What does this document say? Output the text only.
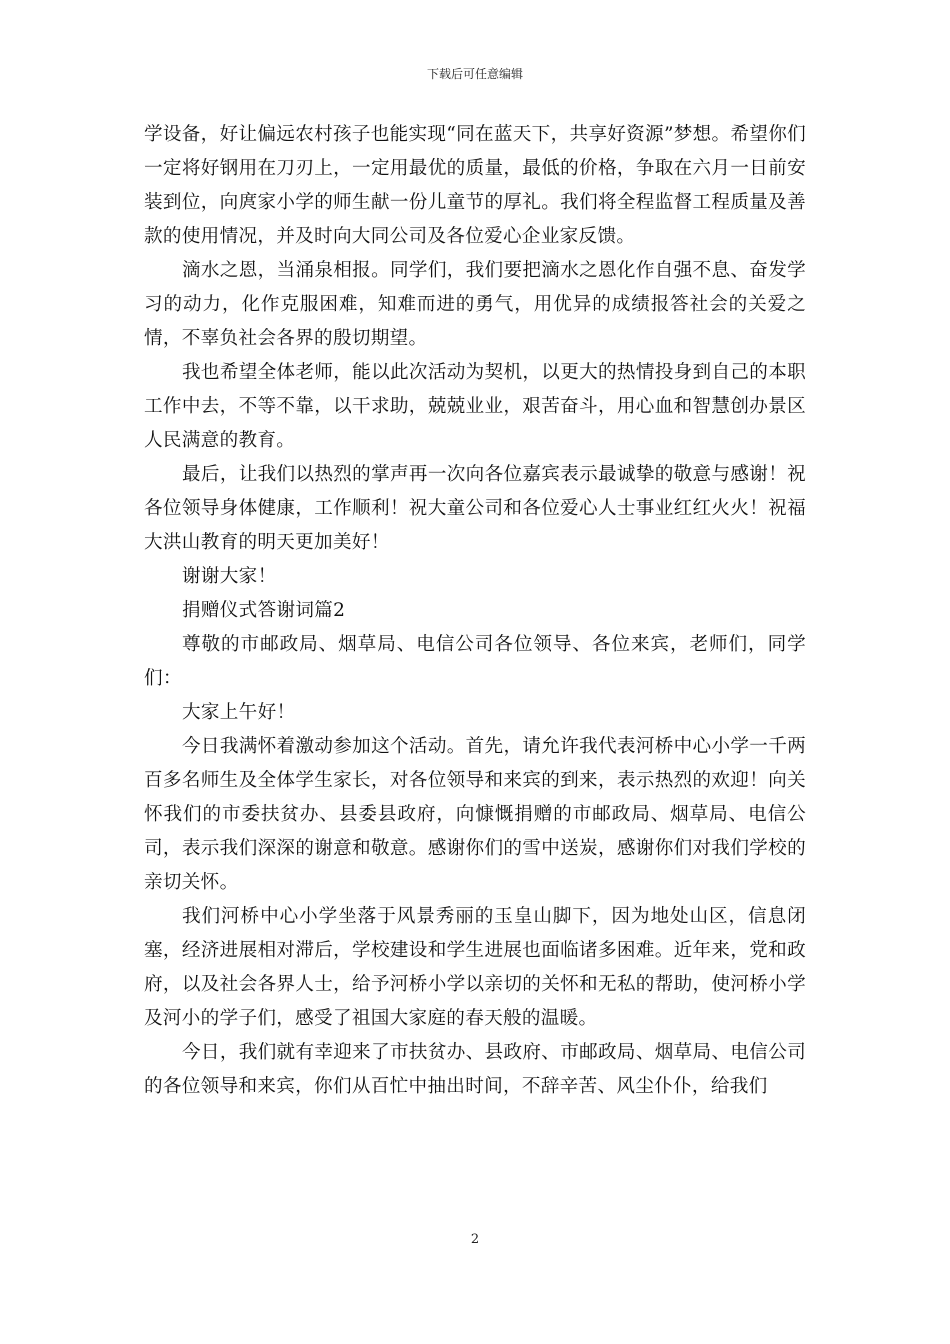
下载后可任意编辑

学设备，好让偏远农村孩子也能实现“同在蓝天下，共享好资源”梦想。希望你们一定将好钢用在刀刃上，一定用最优的质量，最低的价格，争取在六月一日前安装到位，向庹家小学的师生献一份儿童节的厚礼。我们将全程监督工程质量及善款的使用情况，并及时向大同公司及各位爱心企业家反馈。

滴水之恩，当涌泉相报。同学们，我们要把滴水之恩化作自强不息、奋发学习的动力，化作克服困难，知难而进的勇气，用优异的成绩报答社会的关爱之情，不辜负社会各界的殷切期望。

我也希望全体老师，能以此次活动为契机，以更大的热情投身到自己的本职工作中去，不等不靠，以干求助，兢兢业业，艰苦奋斗，用心血和智慧创办景区人民满意的教育。

最后，让我们以热烈的掌声再一次向各位嘉宾表示最诚挚的敬意与感谢！祝各位领导身体健康，工作顺利！祝大童公司和各位爱心人士事业红红火火！祝福大洪山教育的明天更加美好！

谢谢大家！

捐赠仪式答谢词篇2

尊敬的市邮政局、烟草局、电信公司各位领导、各位来宾，老师们，同学们：

大家上午好！

今日我满怀着激动参加这个活动。首先，请允许我代表河桥中心小学一千两百多名师生及全体学生家长，对各位领导和来宾的到来，表示热烈的欢迎！向关怀我们的市委扶贫办、县委县政府，向慷慨捐赠的市邮政局、烟草局、电信公司，表示我们深深的谢意和敬意。感谢你们的雪中送炭，感谢你们对我们学校的亲切关怀。

我们河桥中心小学坐落于风景秀丽的玉皇山脚下，因为地处山区，信息闭塞，经济进展相对滞后，学校建设和学生进展也面临诸多困难。近年来，党和政府，以及社会各界人士，给予河桥小学以亲切的关怀和无私的帮助，使河桥小学及河小的学子们，感受了祖国大家庭的春天般的温暖。

今日，我们就有幸迎来了市扶贫办、县政府、市邮政局、烟草局、电信公司的各位领导和来宾，你们从百忙中抽出时间，不辞辛苦、风尘仆仆，给我们

2
